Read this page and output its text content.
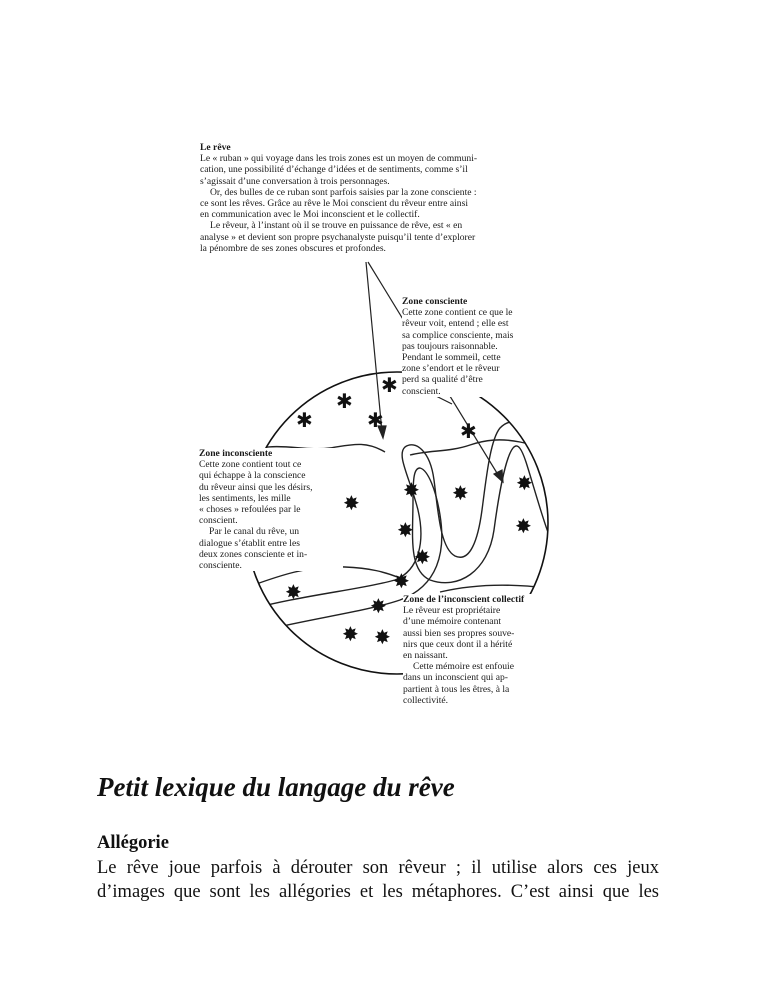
✱
✱
✱
✱
✱
✸
✸ ✸ ✸
✸	✸
✸
✸
✸
✸
✸ ✸
Le rêve
Le « ruban » qui voyage dans les trois zones est un moyen de communi-
cation, une possibilité d’échange d’idées et de sentiments, comme s’il
s’agissait d’une conversation à trois personnages.
Or, des bulles de ce ruban sont parfois saisies par la zone consciente :
ce sont les rêves. Grâce au rêve le Moi conscient du rêveur entre ainsi
en communication avec le Moi inconscient et le collectif.
Le rêveur, à l’instant où il se trouve en puissance de rêve, est « en
analyse » et devient son propre psychanalyste puisqu’il tente d’explorer
la pénombre de ses zones obscures et profondes.
Zone consciente
Cette zone contient ce que le
rêveur voit, entend ; elle est
sa complice consciente, mais
pas toujours raisonnable.
Pendant le sommeil, cette
zone s’endort et le rêveur
perd sa qualité d’être
conscient.
Zone inconsciente
Cette zone contient tout ce
qui échappe à la conscience
du rêveur ainsi que les désirs,
les sentiments, les mille
« choses » refoulées par le
conscient.
Par le canal du rêve, un
dialogue s’établit entre les
deux zones consciente et in-
consciente.
Zone de l’inconscient collectif
Le rêveur est propriétaire
d’une mémoire contenant
aussi bien ses propres souve-
nirs que ceux dont il a hérité
en naissant.
Cette mémoire est enfouie
dans un inconscient qui ap-
partient à tous les êtres, à la
collectivité.
Petit lexique du langage du rêve
Allégorie
Le rêve joue parfois à dérouter son rêveur ; il utilise alors ces jeux
d’images que sont les allégories et les métaphores. C’est ainsi que les
